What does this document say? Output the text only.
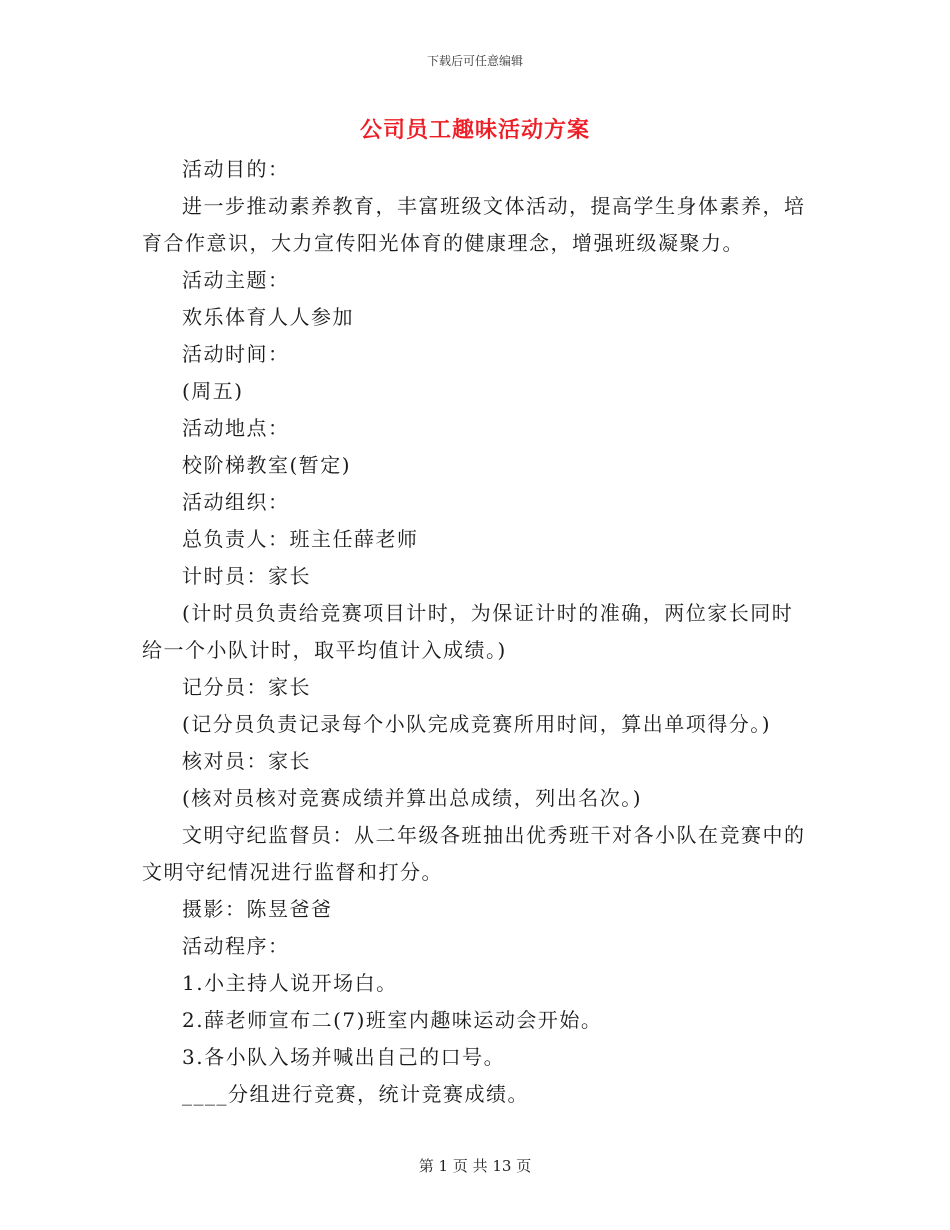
下载后可任意编辑
公司员工趣味活动方案

活动目的：

进一步推动素养教育，丰富班级文体活动，提高学生身体素养，培育合作意识，大力宣传阳光体育的健康理念，增强班级凝聚力。

活动主题：

欢乐体育人人参加

活动时间：

(周五)

活动地点：

校阶梯教室(暂定)

活动组织：

总负责人：班主任薛老师

计时员：家长

(计时员负责给竞赛项目计时，为保证计时的准确，两位家长同时给一个小队计时，取平均值计入成绩。)

记分员：家长

(记分员负责记录每个小队完成竞赛所用时间，算出单项得分。)

核对员：家长

(核对员核对竞赛成绩并算出总成绩，列出名次。)

文明守纪监督员：从二年级各班抽出优秀班干对各小队在竞赛中的文明守纪情况进行监督和打分。

摄影：陈昱爸爸

活动程序：

1.小主持人说开场白。

2.薛老师宣布二(7)班室内趣味运动会开始。

3.各小队入场并喊出自己的口号。

____分组进行竞赛，统计竞赛成绩。

第 1 页 共 13 页
